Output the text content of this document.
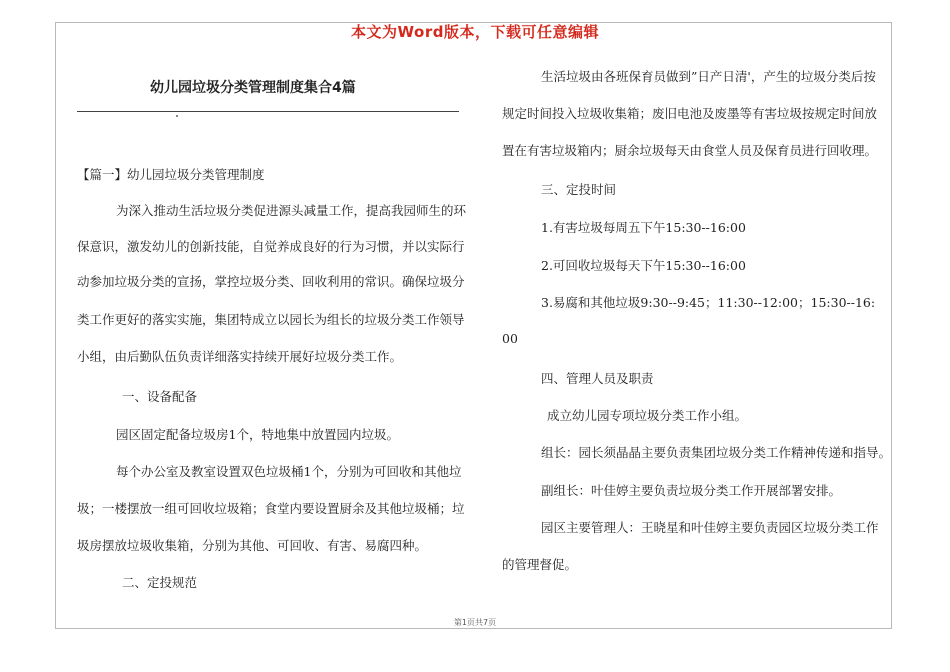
本文为Word版本，下载可任意编辑
幼儿园垃圾分类管理制度集合4篇
【篇一】幼儿园垃圾分类管理制度
为深入推动生活垃圾分类促进源头减量工作，提高我园师生的环
保意识，激发幼儿的创新技能，自觉养成良好的行为习惯，并以实际行
动参加垃圾分类的宣扬，掌控垃圾分类、回收利用的常识。确保垃圾分
类工作更好的落实实施，集团特成立以园长为组长的垃圾分类工作领导
小组，由后勤队伍负责详细落实持续开展好垃圾分类工作。
一、设备配备
园区固定配备垃圾房1个，特地集中放置园内垃圾。
每个办公室及教室设置双色垃圾桶1个，分别为可回收和其他垃
圾；一楼摆放一组可回收垃圾箱；食堂内要设置厨余及其他垃圾桶；垃
圾房摆放垃圾收集箱，分别为其他、可回收、有害、易腐四种。
二、定投规范
生活垃圾由各班保育员做到”日产日清'，产生的垃圾分类后按
规定时间投入垃圾收集箱；废旧电池及废墨等有害垃圾按规定时间放
置在有害垃圾箱内；厨余垃圾每天由食堂人员及保育员进行回收理。
三、定投时间
1.有害垃圾每周五下午15:30--16:00
2.可回收垃圾每天下午15:30--16:00
3.易腐和其他垃圾9:30--9:45；11:30--12:00；15:30--16:
00
四、管理人员及职责
成立幼儿园专项垃圾分类工作小组。
组长：园长须晶晶主要负责集团垃圾分类工作精神传递和指导。
副组长：叶佳婷主要负责垃圾分类工作开展部署安排。
园区主要管理人：王晓星和叶佳婷主要负责园区垃圾分类工作
的管理督促。
第1页共7页
